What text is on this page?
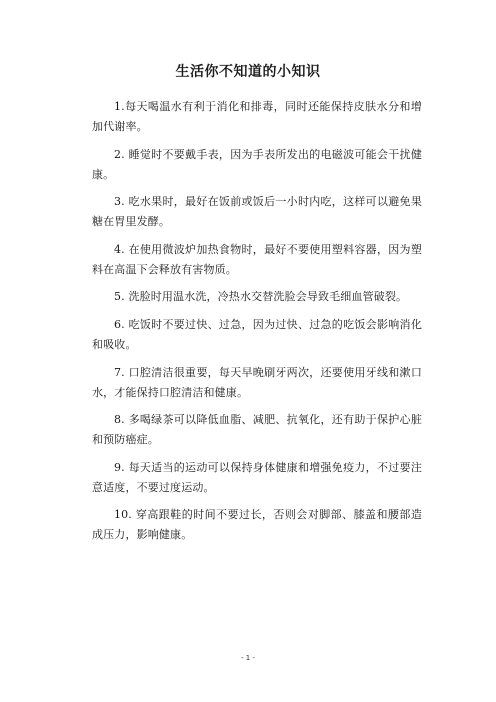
生活你不知道的小知识

1.每天喝温水有利于消化和排毒，同时还能保持皮肤水分和增加代谢率。

2. 睡觉时不要戴手表，因为手表所发出的电磁波可能会干扰健康。

3. 吃水果时，最好在饭前或饭后一小时内吃，这样可以避免果糖在胃里发酵。

4. 在使用微波炉加热食物时，最好不要使用塑料容器，因为塑料在高温下会释放有害物质。

5. 洗脸时用温水洗，冷热水交替洗脸会导致毛细血管破裂。

6. 吃饭时不要过快、过急，因为过快、过急的吃饭会影响消化和吸收。

7. 口腔清洁很重要，每天早晚刷牙两次，还要使用牙线和漱口水，才能保持口腔清洁和健康。

8. 多喝绿茶可以降低血脂、减肥、抗氧化，还有助于保护心脏和预防癌症。

9. 每天适当的运动可以保持身体健康和增强免疫力，不过要注意适度，不要过度运动。

10. 穿高跟鞋的时间不要过长，否则会对脚部、膝盖和腰部造成压力，影响健康。

- 1 -
